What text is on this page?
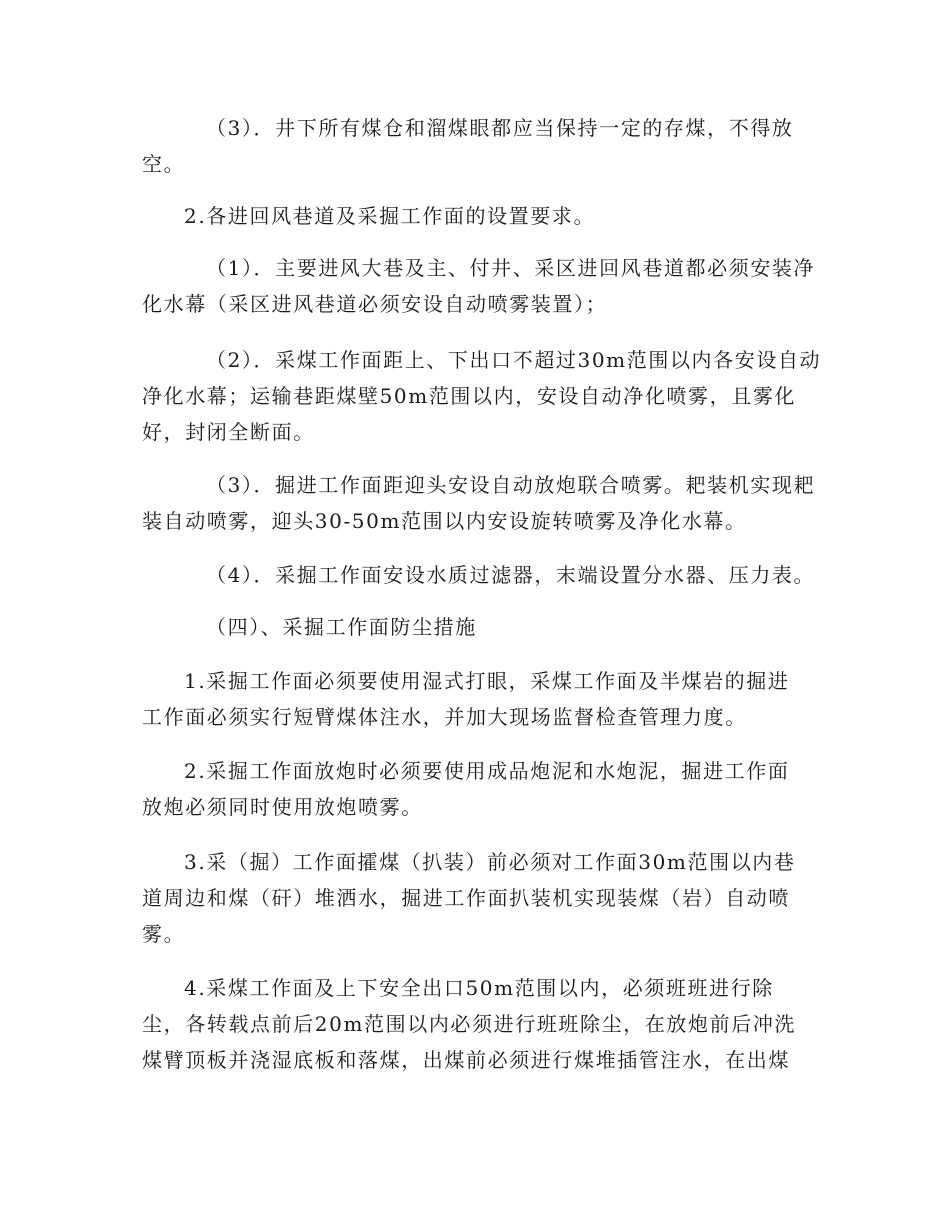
（3）．井下所有煤仓和溜煤眼都应当保持一定的存煤，不得放
空。
2.各进回风巷道及采掘工作面的设置要求。
（1）．主要进风大巷及主、付井、采区进回风巷道都必须安装净
化水幕（采区进风巷道必须安设自动喷雾装置）；
（2）．采煤工作面距上、下出口不超过30m范围以内各安设自动
净化水幕；运输巷距煤壁50m范围以内，安设自动净化喷雾，且雾化
好，封闭全断面。
（3）．掘进工作面距迎头安设自动放炮联合喷雾。耙装机实现耙
装自动喷雾，迎头30-50m范围以内安设旋转喷雾及净化水幕。
（4）．采掘工作面安设水质过滤器，末端设置分水器、压力表。
（四）、采掘工作面防尘措施
1.采掘工作面必须要使用湿式打眼，采煤工作面及半煤岩的掘进
工作面必须实行短臂煤体注水，并加大现场监督检查管理力度。
2.采掘工作面放炮时必须要使用成品炮泥和水炮泥，掘进工作面
放炮必须同时使用放炮喷雾。
3.采（掘）工作面攉煤（扒装）前必须对工作面30m范围以内巷
道周边和煤（矸）堆洒水，掘进工作面扒装机实现装煤（岩）自动喷
雾。
4.采煤工作面及上下安全出口50m范围以内，必须班班进行除
尘，各转载点前后20m范围以内必须进行班班除尘，在放炮前后冲洗
煤臂顶板并浇湿底板和落煤，出煤前必须进行煤堆插管注水，在出煤
